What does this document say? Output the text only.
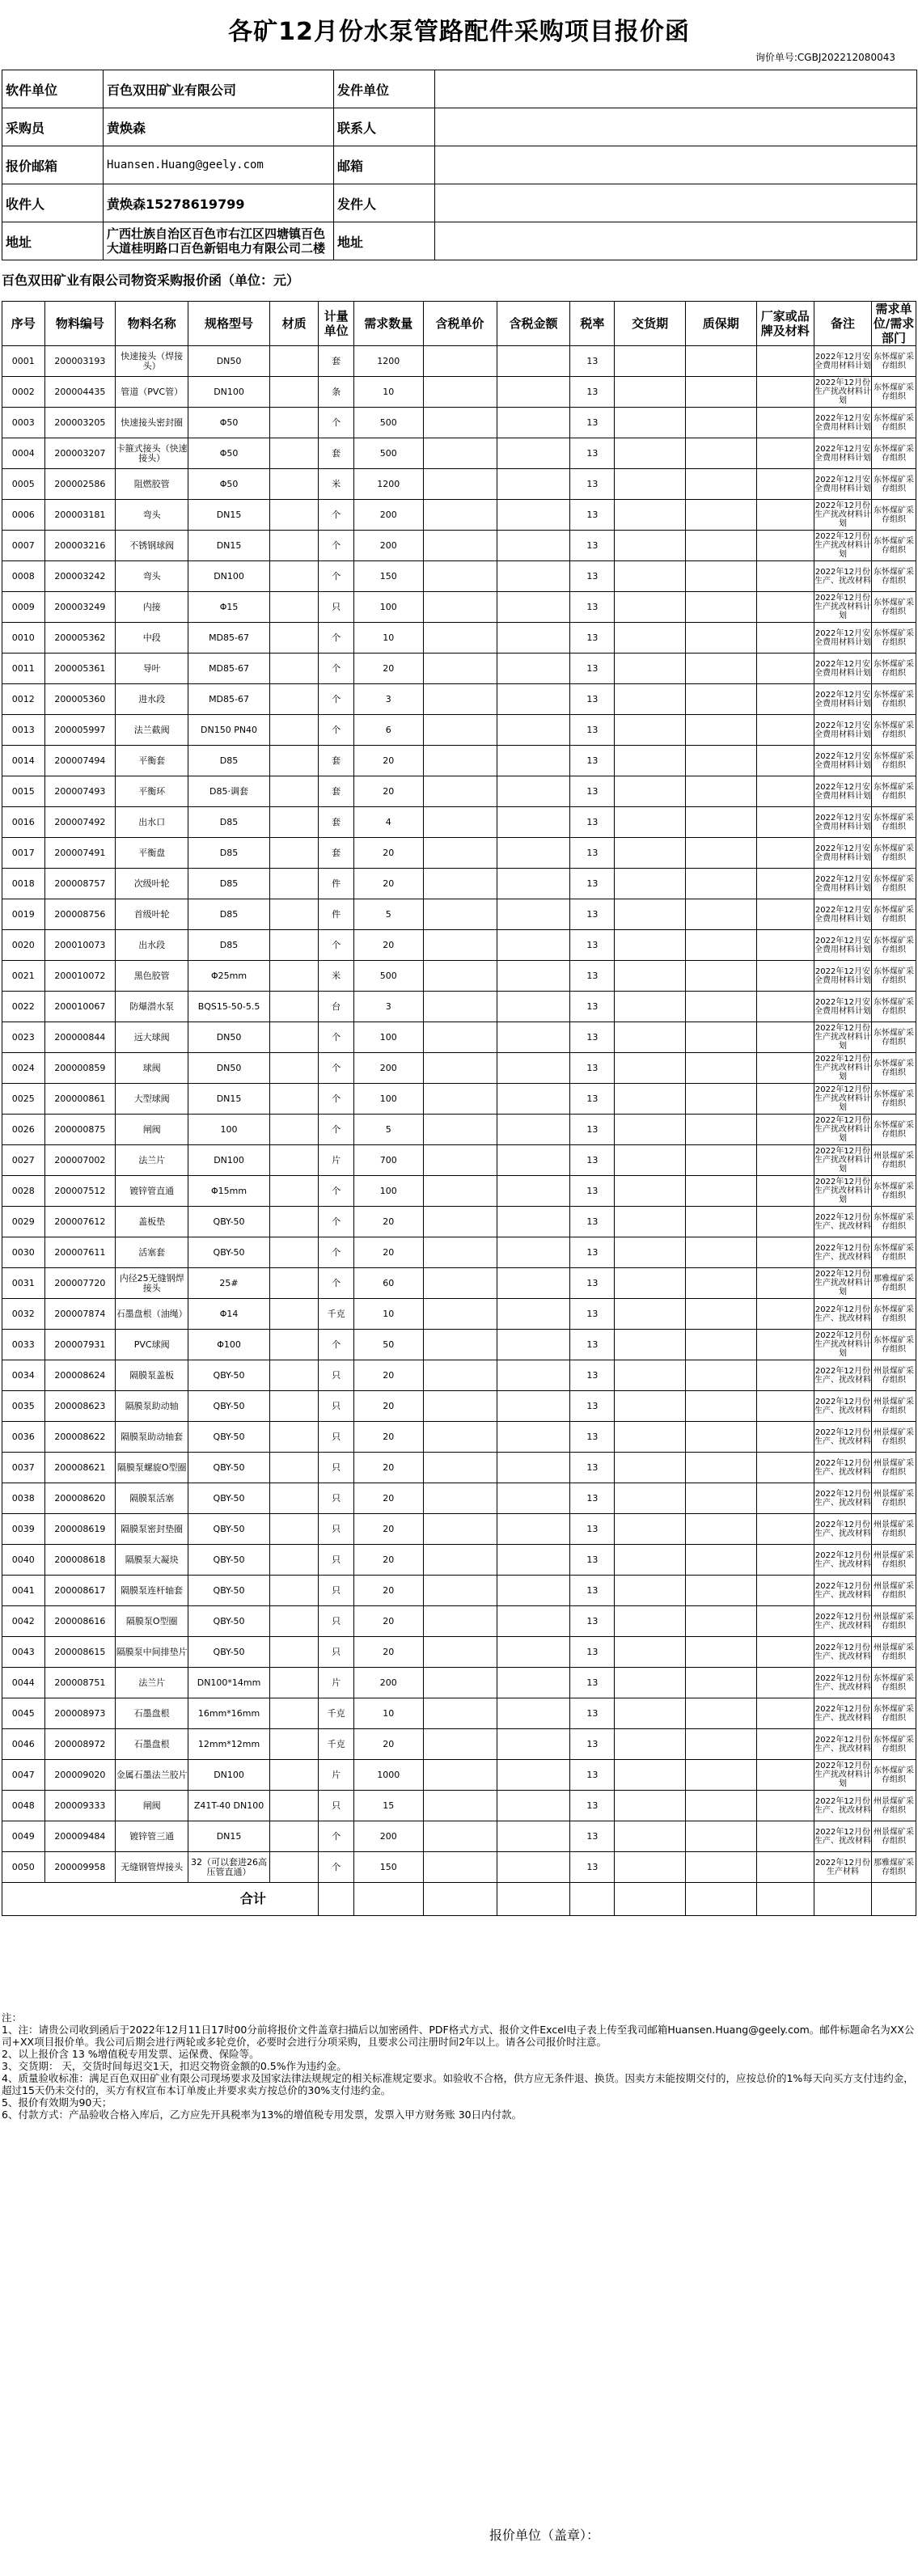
各矿12月份水泵管路配件采购项目报价函
询价单号:CGBJ202212080043
软件单位	百色双田矿业有限公司	发件单位	
采购员	黄焕森	联系人	
报价邮箱	Huansen.Huang@geely.com	邮箱	
收件人	黄焕森15278619799	发件人	
地址	广西壮族自治区百色市右江区四塘镇百色大道桂明路口百色新铝电力有限公司二楼	地址	
百色双田矿业有限公司物资采购报价函（单位：元）
序号	物料编号	物料名称	规格型号	材质	计量单位	需求数量	含税单价	含税金额	税率	交货期	质保期	厂家或品牌及材料	备注	需求单位/需求部门
0001	200003193	快速接头（焊接头）	DN50		套	1200			13				2022年12月安全费用材料计划	东怀煤矿采存组织
0002	200004435	管道（PVC管）	DN100		条	10			13				2022年12月份生产扰改材料计划	东怀煤矿采存组织
0003	200003205	快速接头密封圈	Φ50		个	500			13				2022年12月安全费用材料计划	东怀煤矿采存组织
0004	200003207	卡箍式接头（快速接头）	Φ50		套	500			13				2022年12月安全费用材料计划	东怀煤矿采存组织
0005	200002586	阻燃胶管	Φ50		米	1200			13				2022年12月安全费用材料计划	东怀煤矿采存组织
0006	200003181	弯头	DN15		个	200			13				2022年12月份生产扰改材料计划	东怀煤矿采存组织
0007	200003216	不锈钢球阀	DN15		个	200			13				2022年12月份生产扰改材料计划	东怀煤矿采存组织
0008	200003242	弯头	DN100		个	150			13				2022年12月份生产、扰改材料	东怀煤矿采存组织
0009	200003249	内接	Φ15		只	100			13				2022年12月份生产扰改材料计划	东怀煤矿采存组织
0010	200005362	中段	MD85-67		个	10			13				2022年12月安全费用材料计划	东怀煤矿采存组织
0011	200005361	导叶	MD85-67		个	20			13				2022年12月安全费用材料计划	东怀煤矿采存组织
0012	200005360	进水段	MD85-67		个	3			13				2022年12月安全费用材料计划	东怀煤矿采存组织
0013	200005997	法兰截阀	DN150 PN40		个	6			13				2022年12月安全费用材料计划	东怀煤矿采存组织
0014	200007494	平衡套	D85		套	20			13				2022年12月安全费用材料计划	东怀煤矿采存组织
0015	200007493	平衡环	D85·调套		套	20			13				2022年12月安全费用材料计划	东怀煤矿采存组织
0016	200007492	出水口	D85		套	4			13				2022年12月安全费用材料计划	东怀煤矿采存组织
0017	200007491	平衡盘	D85		套	20			13				2022年12月安全费用材料计划	东怀煤矿采存组织
0018	200008757	次级叶轮	D85		件	20			13				2022年12月安全费用材料计划	东怀煤矿采存组织
0019	200008756	首级叶轮	D85		件	5			13				2022年12月安全费用材料计划	东怀煤矿采存组织
0020	200010073	出水段	D85		个	20			13				2022年12月安全费用材料计划	东怀煤矿采存组织
0021	200010072	黑色胶管	Φ25mm		米	500			13				2022年12月安全费用材料计划	东怀煤矿采存组织
0022	200010067	防爆潜水泵	BQS15-50-5.5		台	3			13				2022年12月安全费用材料计划	东怀煤矿采存组织
0023	200000844	远大球阀	DN50		个	100			13				2022年12月份生产扰改材料计划	东怀煤矿采存组织
0024	200000859	球阀	DN50		个	200			13				2022年12月份生产扰改材料计划	东怀煤矿采存组织
0025	200000861	大型球阀	DN15		个	100			13				2022年12月份生产扰改材料计划	东怀煤矿采存组织
0026	200000875	闸阀	100		个	5			13				2022年12月份生产扰改材料计划	东怀煤矿采存组织
0027	200007002	法兰片	DN100		片	700			13				2022年12月份生产扰改材料计划	州景煤矿采存组织
0028	200007512	镀锌管直通	Φ15mm		个	100			13				2022年12月份生产扰改材料计划	东怀煤矿采存组织
0029	200007612	盖板垫	QBY-50		个	20			13				2022年12月份生产、扰改材料	东怀煤矿采存组织
0030	200007611	活塞套	QBY-50		个	20			13				2022年12月份生产、扰改材料	东怀煤矿采存组织
0031	200007720	内径25无缝钢焊接头	25#		个	60			13				2022年12月份生产扰改材料计划	那雅煤矿采存组织
0032	200007874	石墨盘根（油绳）	Φ14		千克	10			13				2022年12月份生产、扰改材料	东怀煤矿采存组织
0033	200007931	PVC球阀	Φ100		个	50			13				2022年12月份生产扰改材料计划	东怀煤矿采存组织
0034	200008624	隔膜泵盖板	QBY-50		只	20			13				2022年12月份生产、扰改材料	州景煤矿采存组织
0035	200008623	隔膜泵助动轴	QBY-50		只	20			13				2022年12月份生产、扰改材料	州景煤矿采存组织
0036	200008622	隔膜泵助动轴套	QBY-50		只	20			13				2022年12月份生产、扰改材料	州景煤矿采存组织
0037	200008621	隔膜泵螺旋O型圈	QBY-50		只	20			13				2022年12月份生产、扰改材料	州景煤矿采存组织
0038	200008620	隔膜泵活塞	QBY-50		只	20			13				2022年12月份生产、扰改材料	州景煤矿采存组织
0039	200008619	隔膜泵密封垫圈	QBY-50		只	20			13				2022年12月份生产、扰改材料	州景煤矿采存组织
0040	200008618	隔膜泵大凝块	QBY-50		只	20			13				2022年12月份生产、扰改材料	州景煤矿采存组织
0041	200008617	隔膜泵连杆轴套	QBY-50		只	20			13				2022年12月份生产、扰改材料	州景煤矿采存组织
0042	200008616	隔膜泵O型圈	QBY-50		只	20			13				2022年12月份生产、扰改材料	州景煤矿采存组织
0043	200008615	隔膜泵中间排垫片	QBY-50		只	20			13				2022年12月份生产、扰改材料	州景煤矿采存组织
0044	200008751	法兰片	DN100*14mm		片	200			13				2022年12月份生产、扰改材料	东怀煤矿采存组织
0045	200008973	石墨盘根	16mm*16mm		千克	10			13				2022年12月份生产、扰改材料	东怀煤矿采存组织
0046	200008972	石墨盘根	12mm*12mm		千克	20			13				2022年12月份生产、扰改材料	东怀煤矿采存组织
0047	200009020	金属石墨法兰胶片	DN100		片	1000			13				2022年12月份生产扰改材料计划	东怀煤矿采存组织
0048	200009333	闸阀	Z41T-40 DN100		只	15			13				2022年12月份生产、扰改材料	州景煤矿采存组织
0049	200009484	镀锌管三通	DN15		个	200			13				2022年12月份生产、扰改材料	州景煤矿采存组织
0050	200009958	无缝钢管焊接头	32（可以套进26高压管直通）		个	150			13				2022年12月份生产材料	那雅煤矿采存组织
			合计											
注：
1、注：请贵公司收到函后于2022年12月11日17时00分前将报价文件盖章扫描后以加密函件、PDF格式方式、报价文件Excel电子表上传至我司邮箱Huansen.Huang@geely.com。邮件标题命名为XX公司+XX项目报价单。我公司后期会进行两轮或多轮竞价，必要时会进行分项采购，且要求公司注册时间2年以上。请各公司报价时注意。
2、以上报价含 13 %增值税专用发票、运保费、保险等。
3、交货期： 天，交货时间每迟交1天，扣迟交物资金额的0.5%作为违约金。
4、质量验收标准：满足百色双田矿业有限公司现场要求及国家法律法规规定的相关标准规定要求。如验收不合格，供方应无条件退、换货。因卖方未能按期交付的，应按总价的1%每天向买方支付违约金，超过15天仍未交付的，买方有权宣布本订单废止并要求卖方按总价的30%支付违约金。
5、报价有效期为90天；
6、付款方式：产品验收合格入库后，乙方应先开具税率为13%的增值税专用发票，发票入甲方财务账 30日内付款。
报价单位（盖章）：
